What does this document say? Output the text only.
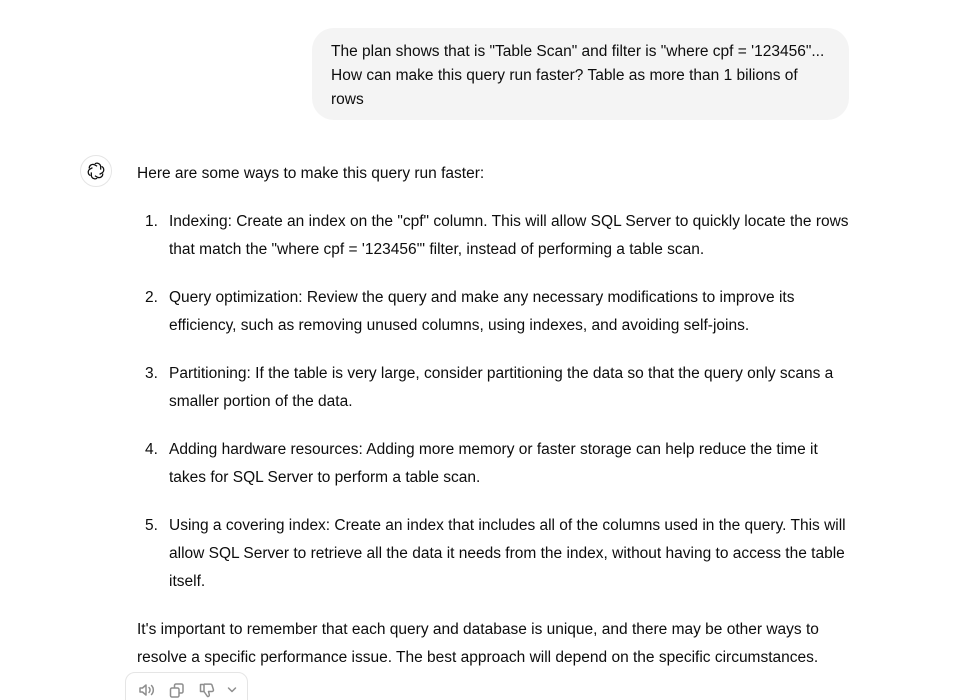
The plan shows that is "Table Scan" and filter is "where cpf = '123456"... How can make this query run faster? Table as more than 1 bilions of rows

Here are some ways to make this query run faster:

1. Indexing: Create an index on the "cpf" column. This will allow SQL Server to quickly locate the rows that match the "where cpf = '123456'" filter, instead of performing a table scan.
2. Query optimization: Review the query and make any necessary modifications to improve its efficiency, such as removing unused columns, using indexes, and avoiding self-joins.
3. Partitioning: If the table is very large, consider partitioning the data so that the query only scans a smaller portion of the data.
4. Adding hardware resources: Adding more memory or faster storage can help reduce the time it takes for SQL Server to perform a table scan.
5. Using a covering index: Create an index that includes all of the columns used in the query. This will allow SQL Server to retrieve all the data it needs from the index, without having to access the table itself.

It's important to remember that each query and database is unique, and there may be other ways to resolve a specific performance issue. The best approach will depend on the specific circumstances.
